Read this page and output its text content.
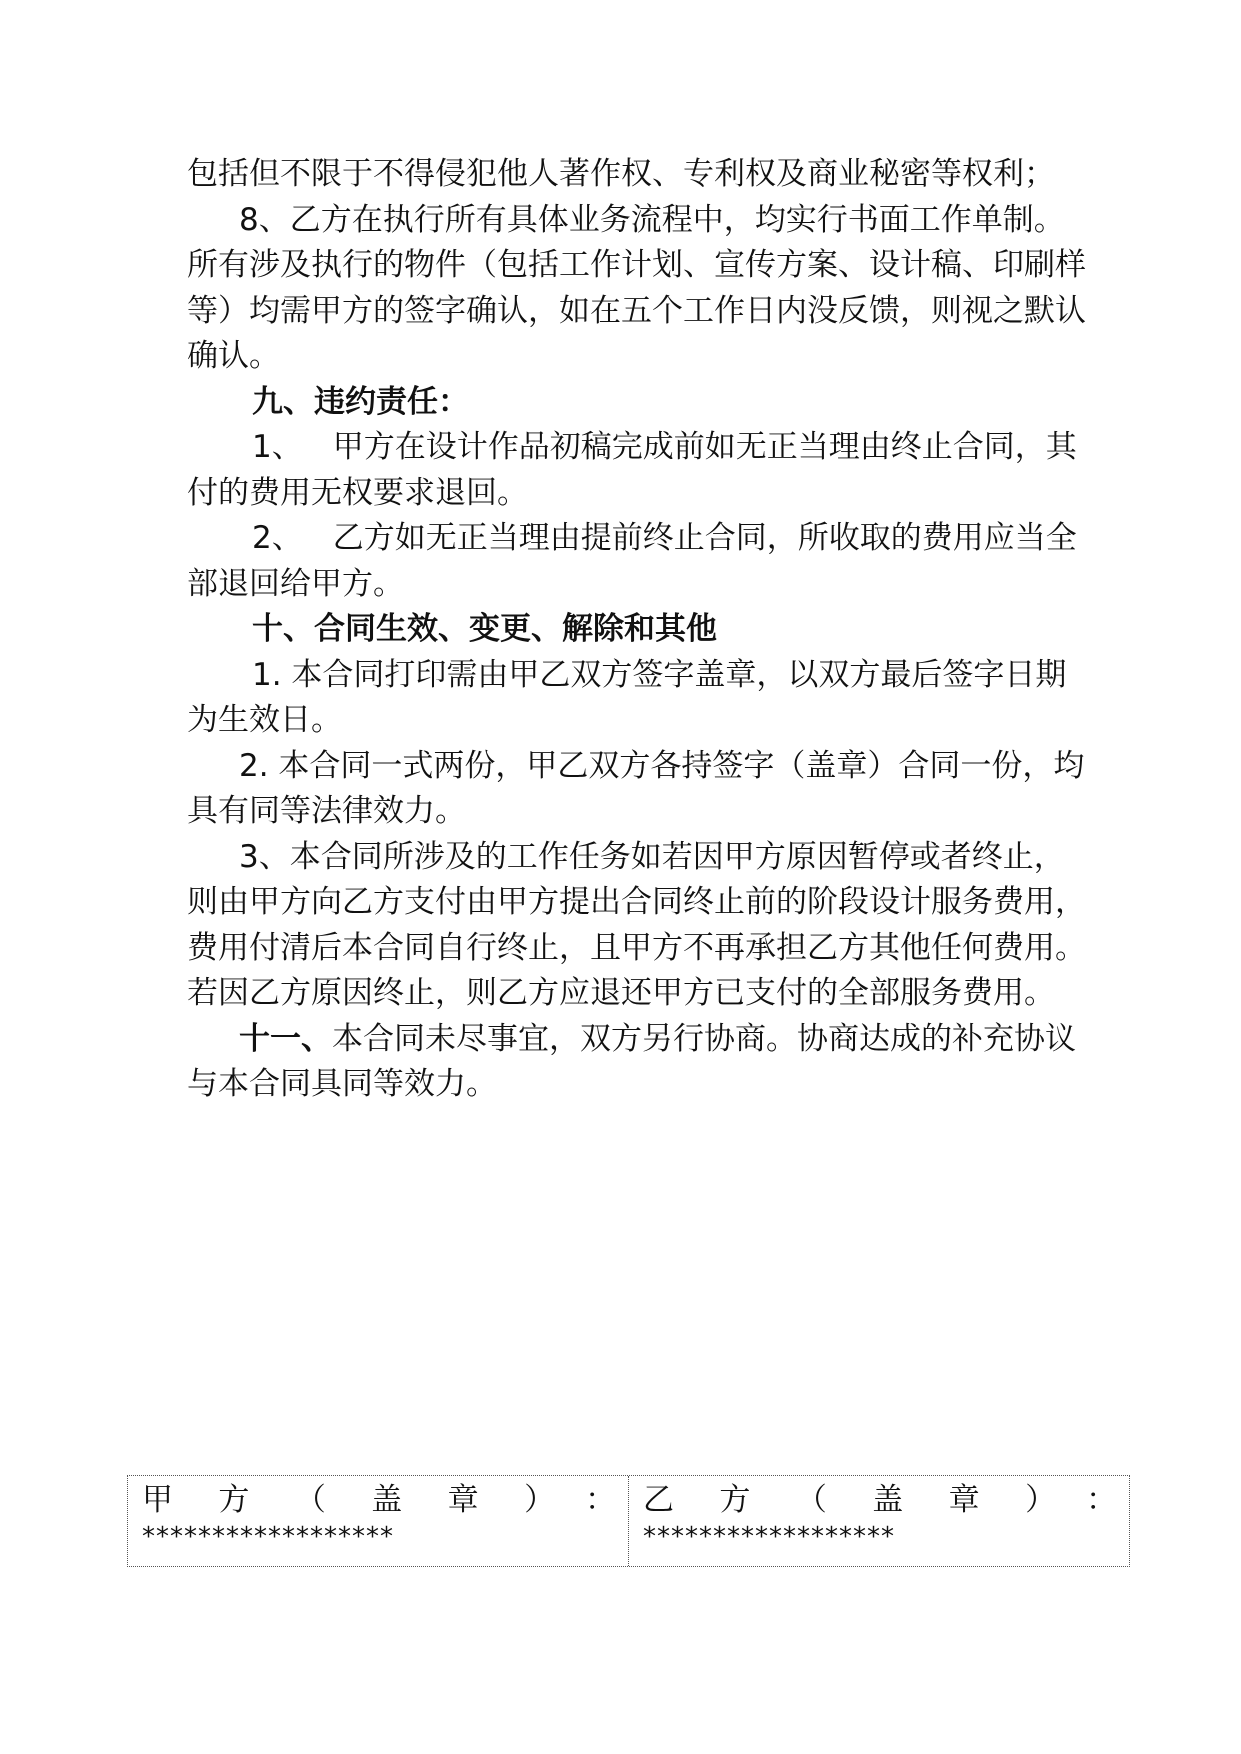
包括但不限于不得侵犯他人著作权、专利权及商业秘密等权利；

8、乙方在执行所有具体业务流程中，均实行书面工作单制。所有涉及执行的物件（包括工作计划、宣传方案、设计稿、印刷样等）均需甲方的签字确认，如在五个工作日内没反馈，则视之默认确认。

九、违约责任：

1、 甲方在设计作品初稿完成前如无正当理由终止合同，其付的费用无权要求退回。

2、 乙方如无正当理由提前终止合同，所收取的费用应当全部退回给甲方。

十、合同生效、变更、解除和其他

1. 本合同打印需由甲乙双方签字盖章，以双方最后签字日期为生效日。

2. 本合同一式两份，甲乙双方各持签字（盖章）合同一份，均具有同等法律效力。

3、本合同所涉及的工作任务如若因甲方原因暂停或者终止，则由甲方向乙方支付由甲方提出合同终止前的阶段设计服务费用，费用付清后本合同自行终止，且甲方不再承担乙方其他任何费用。若因乙方原因终止，则乙方应退还甲方已支付的全部服务费用。

十一、本合同未尽事宜，双方另行协商。协商达成的补充协议与本合同具同等效力。

甲方（盖章）：
******************
乙方（盖章）：
******************
